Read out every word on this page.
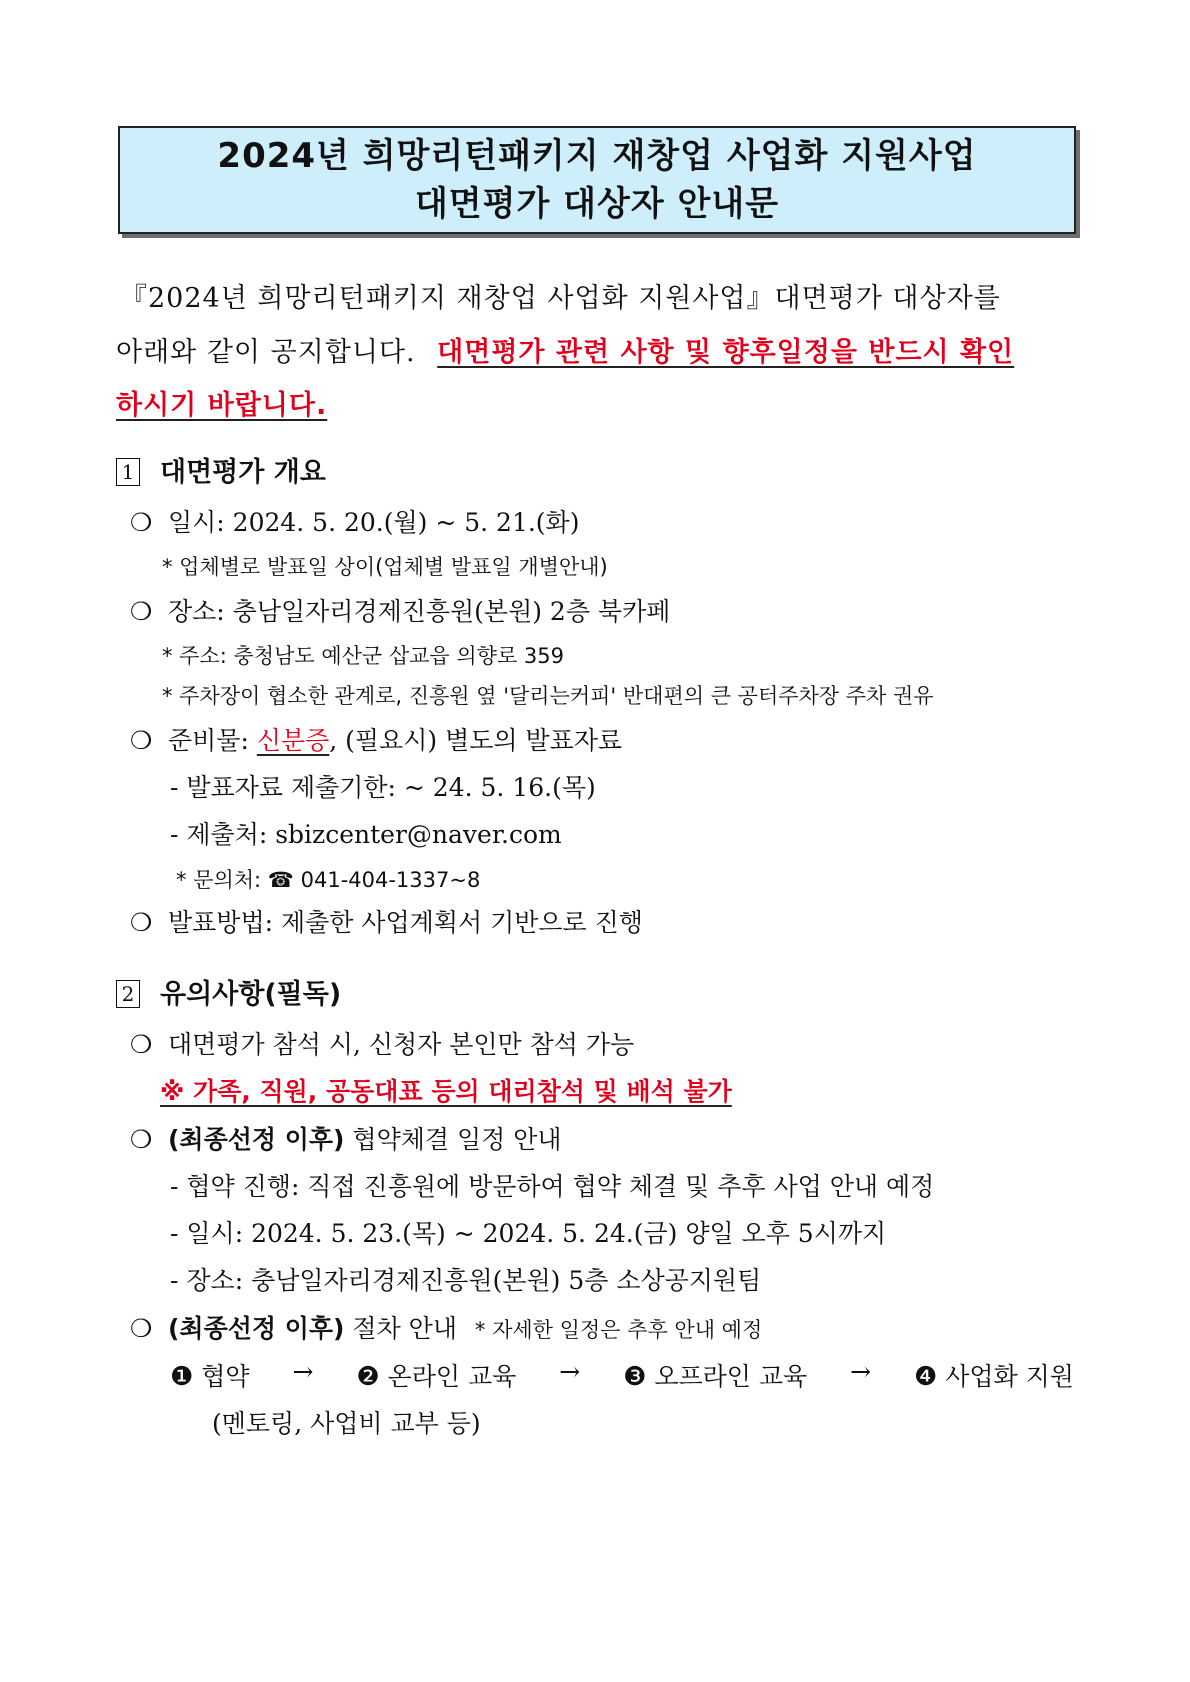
2024년 희망리턴패키지 재창업 사업화 지원사업
대면평가 대상자 안내문
『2024년 희망리턴패키지 재창업 사업화 지원사업』대면평가 대상자를
아래와 같이 공지합니다. 대면평가 관련 사항 및 향후일정을 반드시 확인
하시기 바랍니다.
1 대면평가 개요
❍ 일시: 2024. 5. 20.(월) ~ 5. 21.(화)
* 업체별로 발표일 상이(업체별 발표일 개별안내)
❍ 장소: 충남일자리경제진흥원(본원) 2층 북카페
* 주소: 충청남도 예산군 삽교읍 의향로 359
* 주차장이 협소한 관계로, 진흥원 옆 '달리는커피' 반대편의 큰 공터주차장 주차 권유
❍ 준비물: 신분증, (필요시) 별도의 발표자료
- 발표자료 제출기한: ~ 24. 5. 16.(목)
- 제출처: sbizcenter@naver.com
* 문의처: ☎ 041-404-1337~8
❍ 발표방법: 제출한 사업계획서 기반으로 진행
2 유의사항(필독)
❍ 대면평가 참석 시, 신청자 본인만 참석 가능
※ 가족, 직원, 공동대표 등의 대리참석 및 배석 불가
❍ (최종선정 이후) 협약체결 일정 안내
- 협약 진행: 직접 진흥원에 방문하여 협약 체결 및 추후 사업 안내 예정
- 일시: 2024. 5. 23.(목) ~ 2024. 5. 24.(금) 양일 오후 5시까지
- 장소: 충남일자리경제진흥원(본원) 5층 소상공지원팀
❍ (최종선정 이후) 절차 안내 * 자세한 일정은 추후 안내 예정
❶ 협약 → ❷ 온라인 교육 → ❸ 오프라인 교육 → ❹ 사업화 지원
(멘토링, 사업비 교부 등)
